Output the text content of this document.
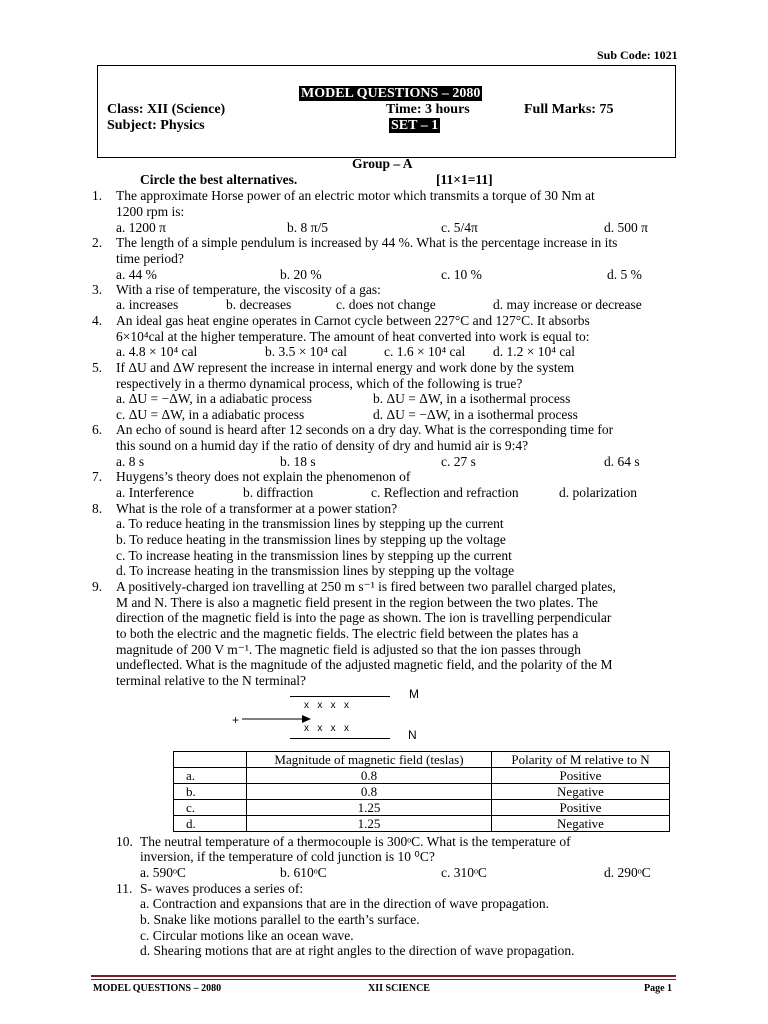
Sub Code: 1021
MODEL QUESTIONS – 2080
Class: XII (Science)	Time: 3 hours	Full Marks: 75
Subject: Physics	SET – 1
Group – A
Circle the best alternatives.	[11×1=11]
1. The approximate Horse power of an electric motor which transmits a torque of 30 Nm at
1200 rpm is:
a. 1200 π	b. 8 π/5	c. 5/4π	d. 500 π
2. The length of a simple pendulum is increased by 44 %. What is the percentage increase in its
time period?
a. 44 %	b. 20 %	c. 10 %	d. 5 %
3. With a rise of temperature, the viscosity of a gas:
a. increases	b. decreases	c. does not change	d. may increase or decrease
4. An ideal gas heat engine operates in Carnot cycle between 227°C and 127°C. It absorbs
6×10⁴cal at the higher temperature. The amount of heat converted into work is equal to:
a. 4.8 × 10⁴ cal	b. 3.5 × 10⁴ cal	c. 1.6 × 10⁴ cal d. 1.2 × 10⁴ cal
5. If ΔU and ΔW represent the increase in internal energy and work done by the system
respectively in a thermo dynamical process, which of the following is true?
a. ΔU = −ΔW, in a adiabatic process	b. ΔU = ΔW, in a isothermal process
c. ΔU = ΔW, in a adiabatic process	d. ΔU = −ΔW, in a isothermal process
6. An echo of sound is heard after 12 seconds on a dry day. What is the corresponding time for
this sound on a humid day if the ratio of density of dry and humid air is 9:4?
a. 8 s	b. 18 s	c. 27 s	d. 64 s
7. Huygens’s theory does not explain the phenomenon of
a. Interference	b. diffraction	c. Reflection and refraction	d. polarization
8. What is the role of a transformer at a power station?
a. To reduce heating in the transmission lines by stepping up the current
b. To reduce heating in the transmission lines by stepping up the voltage
c. To increase heating in the transmission lines by stepping up the current
d. To increase heating in the transmission lines by stepping up the voltage
9. A positively-charged ion travelling at 250 m s⁻¹ is fired between two parallel charged plates,
M and N. There is also a magnetic field present in the region between the two plates. The
direction of the magnetic field is into the page as shown. The ion is travelling perpendicular
to both the electric and the magnetic fields. The electric field between the plates has a
magnitude of 200 V m⁻¹. The magnetic field is adjusted so that the ion passes through
undeflected. What is the magnitude of the adjusted magnetic field, and the polarity of the M
terminal relative to the N terminal?
M
N
x   x   x   x
x   x   x   x
+
	Magnitude of magnetic field (teslas)	Polarity of M relative to N
a.	0.8	Positive
b.	0.8	Negative
c.	1.25	Positive
d.	1.25	Negative
10. The neutral temperature of a thermocouple is 300ᵒC. What is the temperature of
inversion, if the temperature of cold junction is 10 ⁰C?
a. 590ᵒC	b. 610ᵒC	c. 310ᵒC	d. 290ᵒC
11. S- waves produces a series of:
a. Contraction and expansions that are in the direction of wave propagation.
b. Snake like motions parallel to the earth’s surface.
c. Circular motions like an ocean wave.
d. Shearing motions that are at right angles to the direction of wave propagation.
MODEL QUESTIONS – 2080	XII SCIENCE	Page 1
